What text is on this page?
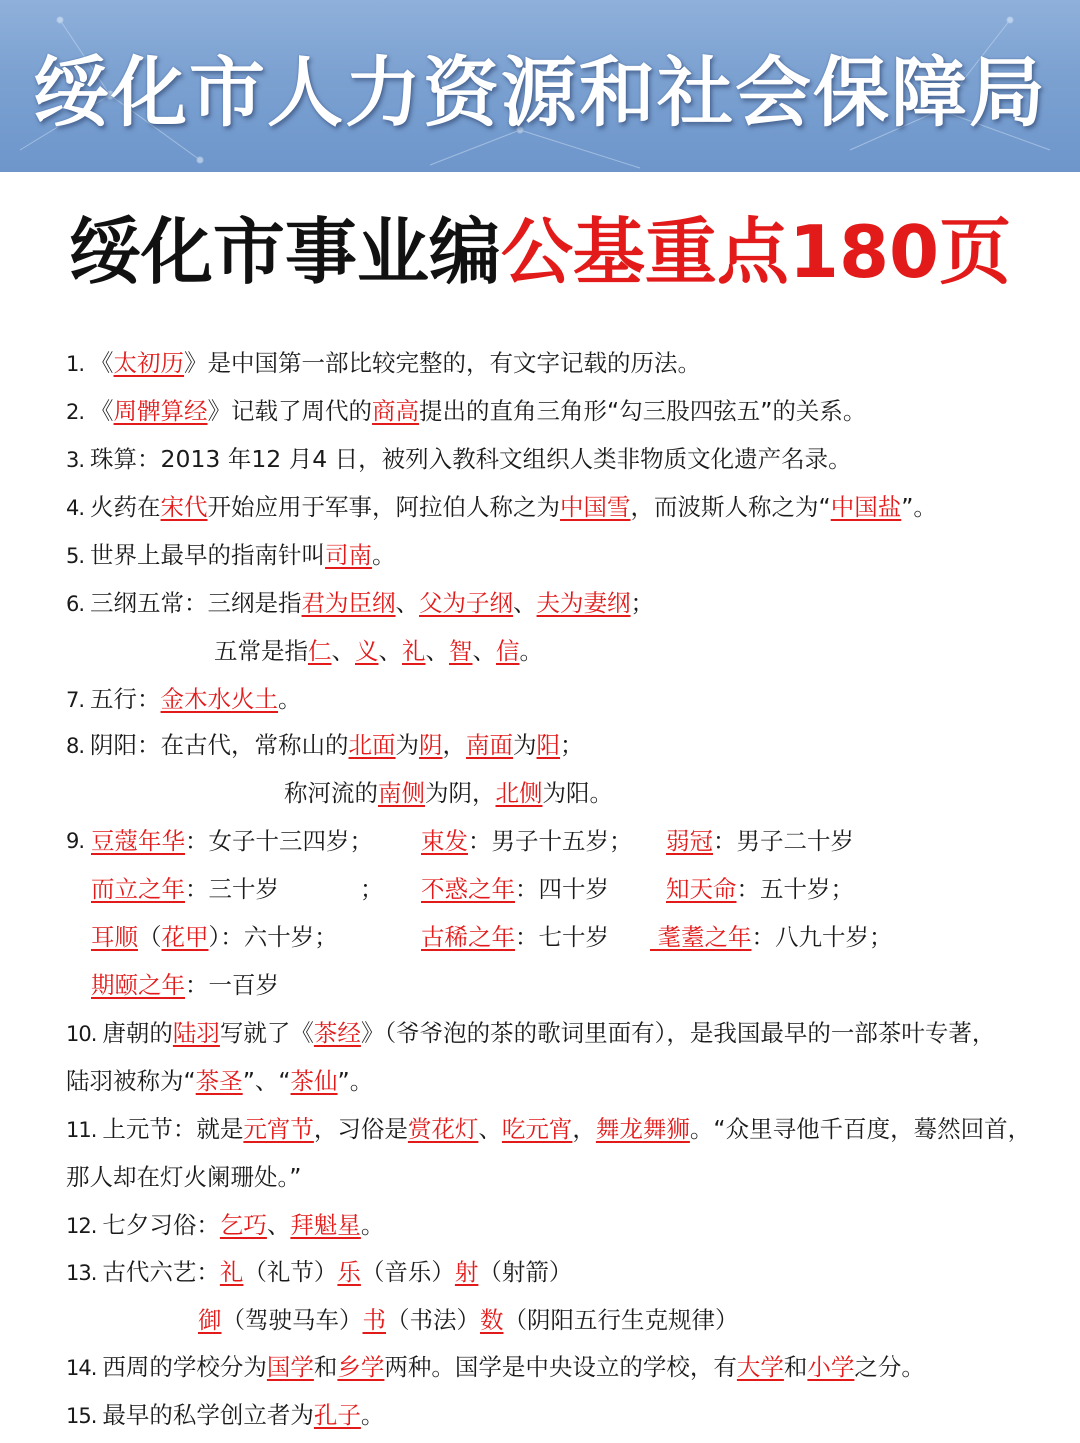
绥化市人力资源和社会保障局
绥化市事业编公基重点180页
1. 《太初历》是中国第一部比较完整的，有文字记载的历法。
2. 《周髀算经》记载了周代的商高提出的直角三角形“勾三股四弦五”的关系。
3. 珠算：2013 年12 月4 日，被列入教科文组织人类非物质文化遗产名录。
4. 火药在宋代开始应用于军事，阿拉伯人称之为中国雪，而波斯人称之为“中国盐”。
5. 世界上最早的指南针叫司南。
6. 三纲五常：三纲是指君为臣纲、父为子纲、夫为妻纲；
五常是指仁、义、礼、智、信。
7. 五行：金木水火土。
8. 阴阳：在古代，常称山的北面为阴，南面为阳；
称河流的南侧为阴，北侧为阳。
9. 豆蔻年华：女子十三四岁； 束发：男子十五岁； 弱冠：男子二十岁
而立之年：三十岁	； 不惑之年：四十岁 知天命：五十岁；
耳顺（花甲）：六十岁；	古稀之年：七十岁 耄耋之年：八九十岁；
期颐之年：一百岁
10. 唐朝的陆羽写就了《茶经》（爷爷泡的茶的歌词里面有），是我国最早的一部茶叶专著，
陆羽被称为“茶圣”、“茶仙”。
11. 上元节：就是元宵节，习俗是赏花灯、吃元宵，舞龙舞狮。“众里寻他千百度，蓦然回首，
那人却在灯火阑珊处。”
12. 七夕习俗：乞巧、拜魁星。
13. 古代六艺：礼（礼节）乐（音乐）射（射箭）
御（驾驶马车）书（书法）数（阴阳五行生克规律）
14. 西周的学校分为国学和乡学两种。国学是中央设立的学校，有大学和小学之分。
15. 最早的私学创立者为孔子。
